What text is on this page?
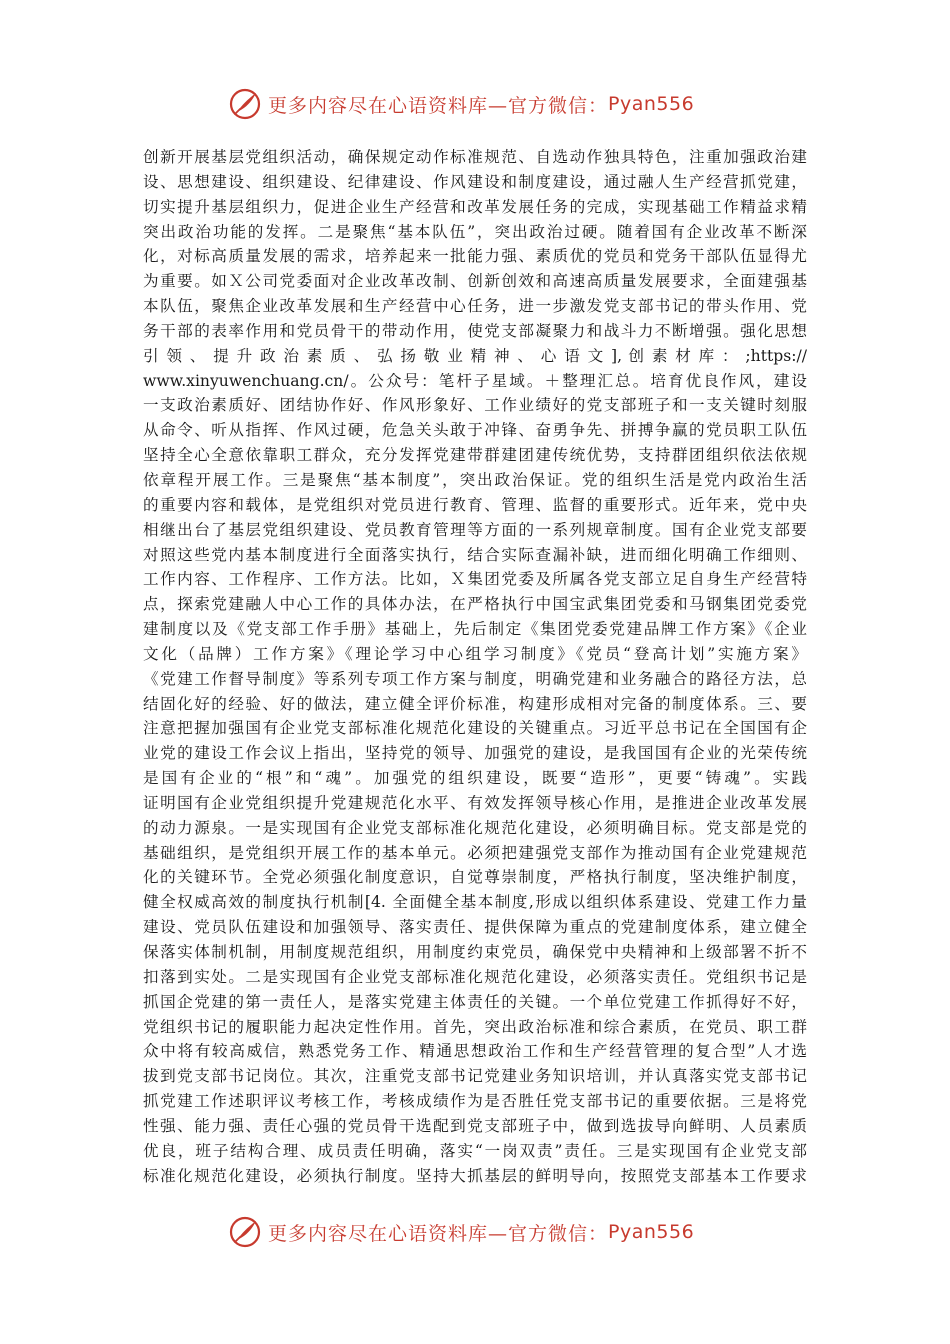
更多内容尽在心语资料库—官方微信： Pyan556
创新开展基层党组织活动，确保规定动作标准规范、自选动作独具特色，注重加强政治建
设、思想建设、组织建设、纪律建设、作风建设和制度建设，通过融人生产经营抓党建，
切实提升基层组织力，促进企业生产经营和改革发展任务的完成，实现基础工作精益求精
突出政治功能的发挥。二是聚焦“基本队伍”，突出政治过硬。随着国有企业改革不断深
化，对标高质量发展的需求，培养起来一批能力强、素质优的党员和党务干部队伍显得尤
为重要。如Ｘ公司党委面对企业改革改制、创新创效和高速高质量发展要求，全面建强基
本队伍，聚焦企业改革发展和生产经营中心任务，进一步激发党支部书记的带头作用、党
务干部的表率作用和党员骨干的带动作用，使党支部凝聚力和战斗力不断增强。强化思想
引 领 、 提 升 政 治 素 质 、 弘 扬 敬 业 精 神 、 心 语 文 ], 创 素 材 库 ： ;https://
www.xinyuwenchuang.cn/。公众号：笔杆子星域。＋整理汇总。培育优良作风，建设
一支政治素质好、团结协作好、作风形象好、工作业绩好的党支部班子和一支关键时刻服
从命令、听从指挥、作风过硬，危急关头敢于冲锋、奋勇争先、拼搏争赢的党员职工队伍
坚持全心全意依靠职工群众，充分发挥党建带群建团建传统优势，支持群团组织依法依规
依章程开展工作。三是聚焦“基本制度”，突出政治保证。党的组织生活是党内政治生活
的重要内容和载体，是党组织对党员进行教育、管理、监督的重要形式。近年来，党中央
相继出台了基层党组织建设、党员教育管理等方面的一系列规章制度。国有企业党支部要
对照这些党内基本制度进行全面落实执行，结合实际查漏补缺，进而细化明确工作细则、
工作内容、工作程序、工作方法。比如，Ｘ集团党委及所属各党支部立足自身生产经营特
点，探索党建融人中心工作的具体办法，在严格执行中国宝武集团党委和马钢集团党委党
建制度以及《党支部工作手册》基础上，先后制定《集团党委党建品牌工作方案》《企业
文化（品牌）工作方案》《理论学习中心组学习制度》《党员“登高计划”实施方案》
《党建工作督导制度》等系列专项工作方案与制度，明确党建和业务融合的路径方法，总
结固化好的经验、好的做法，建立健全评价标准，构建形成相对完备的制度体系。三、要
注意把握加强国有企业党支部标准化规范化建设的关键重点。习近平总书记在全国国有企
业党的建设工作会议上指出，坚持党的领导、加强党的建设，是我国国有企业的光荣传统
是国有企业的“根”和“魂”。加强党的组织建设，既要“造形”，更要“铸魂”。实践
证明国有企业党组织提升党建规范化水平、有效发挥领导核心作用，是推进企业改革发展
的动力源泉。一是实现国有企业党支部标准化规范化建设，必须明确目标。党支部是党的
基础组织，是党组织开展工作的基本单元。必须把建强党支部作为推动国有企业党建规范
化的关键环节。全党必须强化制度意识，自觉尊崇制度，严格执行制度，坚决维护制度，
健全权威高效的制度执行机制[4. 全面健全基本制度,形成以组织体系建设、党建工作力量
建设、党员队伍建设和加强领导、落实责任、提供保障为重点的党建制度体系，建立健全
保落实体制机制，用制度规范组织，用制度约束党员，确保党中央精神和上级部署不折不
扣落到实处。二是实现国有企业党支部标准化规范化建设，必须落实责任。党组织书记是
抓国企党建的第一责任人，是落实党建主体责任的关键。一个单位党建工作抓得好不好，
党组织书记的履职能力起决定性作用。首先，突出政治标准和综合素质，在党员、职工群
众中将有较高威信，熟悉党务工作、精通思想政治工作和生产经营管理的复合型”人才选
拔到党支部书记岗位。其次，注重党支部书记党建业务知识培训，并认真落实党支部书记
抓党建工作述职评议考核工作，考核成绩作为是否胜任党支部书记的重要依据。三是将党
性强、能力强、责任心强的党员骨干选配到党支部班子中，做到选拔导向鲜明、人员素质
优良，班子结构合理、成员责任明确，落实“一岗双责”责任。三是实现国有企业党支部
标准化规范化建设，必须执行制度。坚持大抓基层的鲜明导向，按照党支部基本工作要求
更多内容尽在心语资料库—官方微信： Pyan556
